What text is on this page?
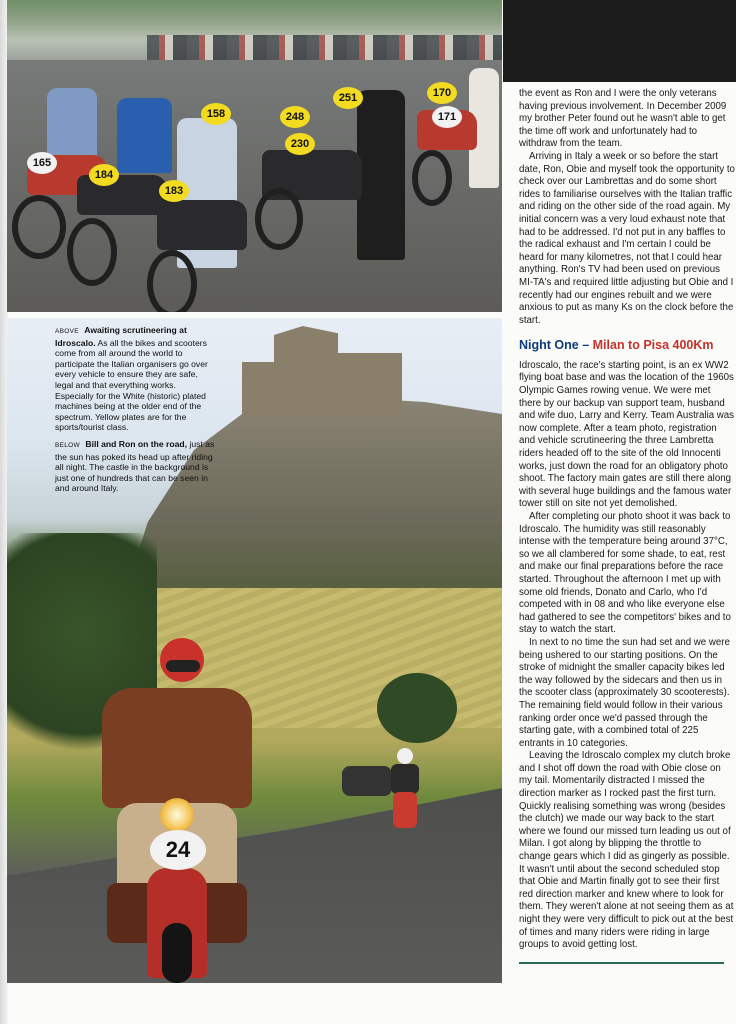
165
184
183
158
251
248
230
170
171
24
ABOVE Awaiting scrutineering at Idroscalo. As all the bikes and scooters come from all around the world to participate the Italian organisers go over every vehicle to ensure they are safe, legal and that everything works. Especially for the White (historic) plated machines being at the older end of the spectrum. Yellow plates are for the sports/tourist class.
BELOW Bill and Ron on the road, just as the sun has poked its head up after riding all night. The castle in the background is just one of hundreds that can be seen in and around Italy.

the event as Ron and I were the only veterans having previous involvement. In December 2009 my brother Peter found out he wasn't able to get the time off work and unfortunately had to withdraw from the team.

Arriving in Italy a week or so before the start date, Ron, Obie and myself took the opportunity to check over our Lambrettas and do some short rides to familiarise ourselves with the Italian traffic and riding on the other side of the road again. My initial concern was a very loud exhaust note that had to be addressed. I'd not put in any baffles to the radical exhaust and I'm certain I could be heard for many kilometres, not that I could hear anything. Ron's TV had been used on previous MI-TA's and required little adjusting but Obie and I recently had our engines rebuilt and we were anxious to put as many Ks on the clock before the start.

Night One – Milan to Pisa 400Km

Idroscalo, the race's starting point, is an ex WW2 flying boat base and was the location of the 1960s Olympic Games rowing venue. We were met there by our backup van support team, husband and wife duo, Larry and Kerry. Team Australia was now complete. After a team photo, registration and vehicle scrutineering the three Lambretta riders headed off to the site of the old Innocenti works, just down the road for an obligatory photo shoot. The factory main gates are still there along with several huge buildings and the famous water tower still on site not yet demolished.

After completing our photo shoot it was back to Idroscalo. The humidity was still reasonably intense with the temperature being around 37°C, so we all clambered for some shade, to eat, rest and make our final preparations before the race started. Throughout the afternoon I met up with some old friends, Donato and Carlo, who I'd competed with in 08 and who like everyone else had gathered to see the competitors' bikes and to stay to watch the start.

In next to no time the sun had set and we were being ushered to our starting positions. On the stroke of midnight the smaller capacity bikes led the way followed by the sidecars and then us in the scooter class (approximately 30 scooterests). The remaining field would follow in their various ranking order once we'd passed through the starting gate, with a combined total of 225 entrants in 10 categories.

Leaving the Idroscalo complex my clutch broke and I shot off down the road with Obie close on my tail. Momentarily distracted I missed the direction marker as I rocked past the first turn. Quickly realising something was wrong (besides the clutch) we made our way back to the start where we found our missed turn leading us out of Milan. I got along by blipping the throttle to change gears which I did as gingerly as possible. It wasn't until about the second scheduled stop that Obie and Martin finally got to see their first red direction marker and knew where to look for them. They weren't alone at not seeing them as at night they were very difficult to pick out at the best of times and many riders were riding in large groups to avoid getting lost.
